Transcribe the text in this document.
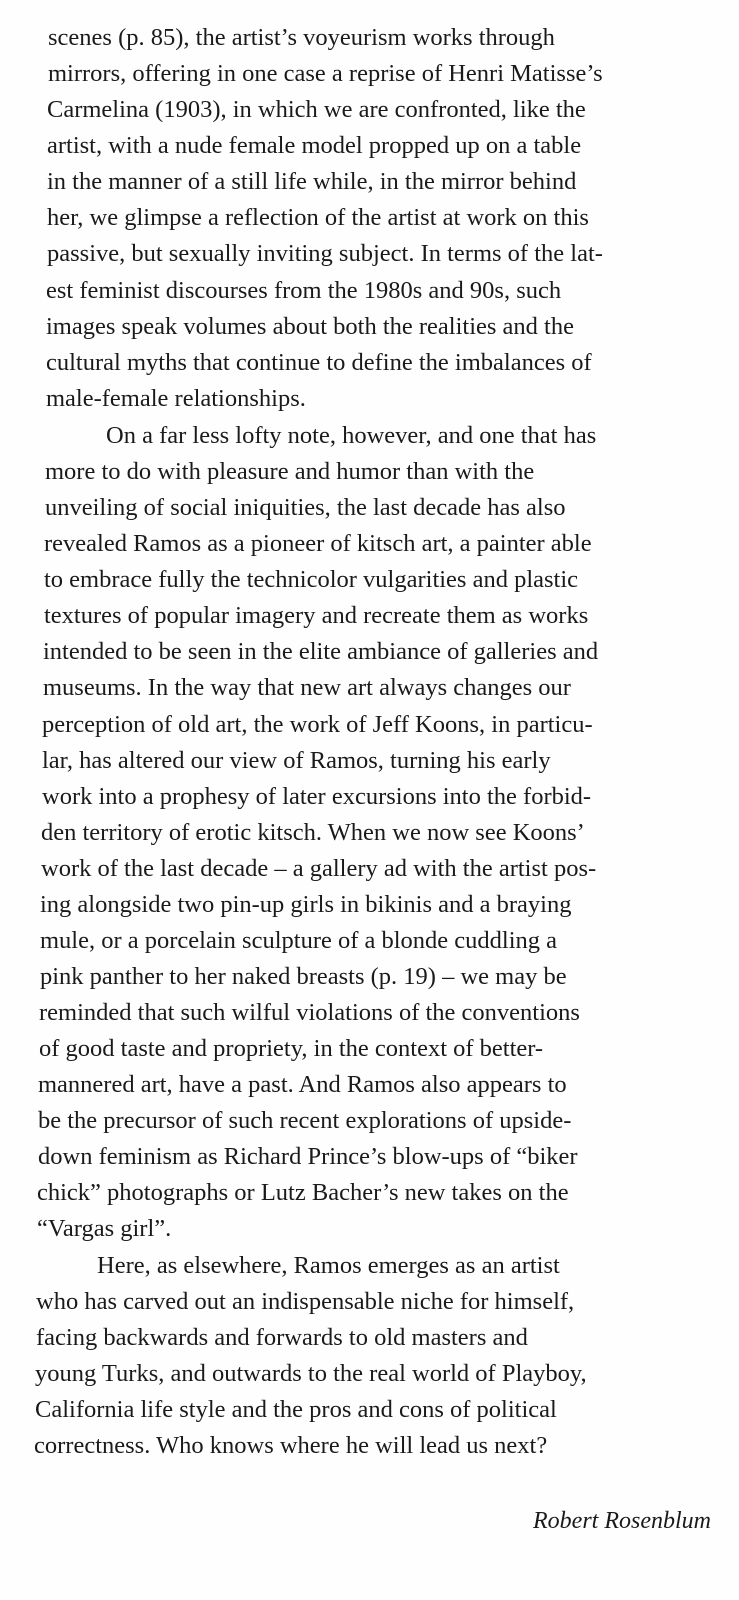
scenes (p. 85), the artist’s voyeurism works through
mirrors, offering in one case a reprise of Henri Matisse’s
Carmelina (1903), in which we are confronted, like the
artist, with a nude female model propped up on a table
in the manner of a still life while, in the mirror behind
her, we glimpse a reflection of the artist at work on this
passive, but sexually inviting subject. In terms of the lat-
est feminist discourses from the 1980s and 90s, such
images speak volumes about both the realities and the
cultural myths that continue to define the imbalances of
male-female relationships.
On a far less lofty note, however, and one that has
more to do with pleasure and humor than with the
unveiling of social iniquities, the last decade has also
revealed Ramos as a pioneer of kitsch art, a painter able
to embrace fully the technicolor vulgarities and plastic
textures of popular imagery and recreate them as works
intended to be seen in the elite ambiance of galleries and
museums. In the way that new art always changes our
perception of old art, the work of Jeff Koons, in particu-
lar, has altered our view of Ramos, turning his early
work into a prophesy of later excursions into the forbid-
den territory of erotic kitsch. When we now see Koons’
work of the last decade – a gallery ad with the artist pos-
ing alongside two pin-up girls in bikinis and a braying
mule, or a porcelain sculpture of a blonde cuddling a
pink panther to her naked breasts (p. 19) – we may be
reminded that such wilful violations of the conventions
of good taste and propriety, in the context of better-
mannered art, have a past. And Ramos also appears to
be the precursor of such recent explorations of upside-
down feminism as Richard Prince’s blow-ups of “biker
chick” photographs or Lutz Bacher’s new takes on the
“Vargas girl”.
Here, as elsewhere, Ramos emerges as an artist
who has carved out an indispensable niche for himself,
facing backwards and forwards to old masters and
young Turks, and outwards to the real world of Playboy,
California life style and the pros and cons of political
correctness. Who knows where he will lead us next?
Robert Rosenblum
